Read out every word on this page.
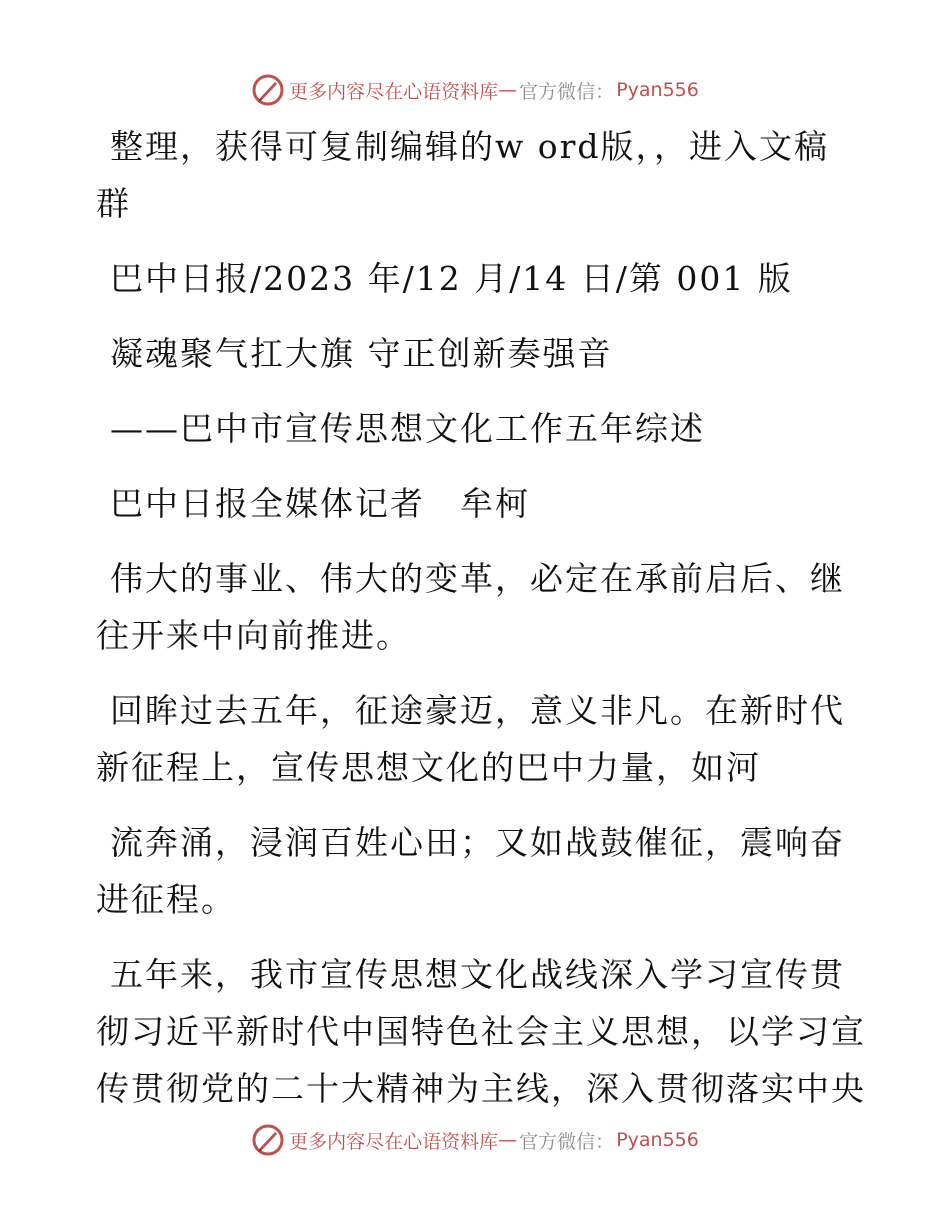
更多内容尽在心语资料库 — 官方微信： Pyan556

整理，获得可复制编辑的w ord版，，进入文稿
群

巴中日报/2023 年/12 月/14 日/第 001 版

凝魂聚气扛大旗 守正创新奏强音

——巴中市宣传思想文化工作五年综述

巴中日报全媒体记者　牟柯

伟大的事业、伟大的变革，必定在承前启后、继
往开来中向前推进。

回眸过去五年，征途豪迈，意义非凡。在新时代
新征程上，宣传思想文化的巴中力量，如河

流奔涌，浸润百姓心田；又如战鼓催征，震响奋
进征程。

五年来，我市宣传思想文化战线深入学习宣传贯
彻习近平新时代中国特色社会主义思想，以学习宣
传贯彻党的二十大精神为主线，深入贯彻落实中央

更多内容尽在心语资料库 — 官方微信： Pyan556
